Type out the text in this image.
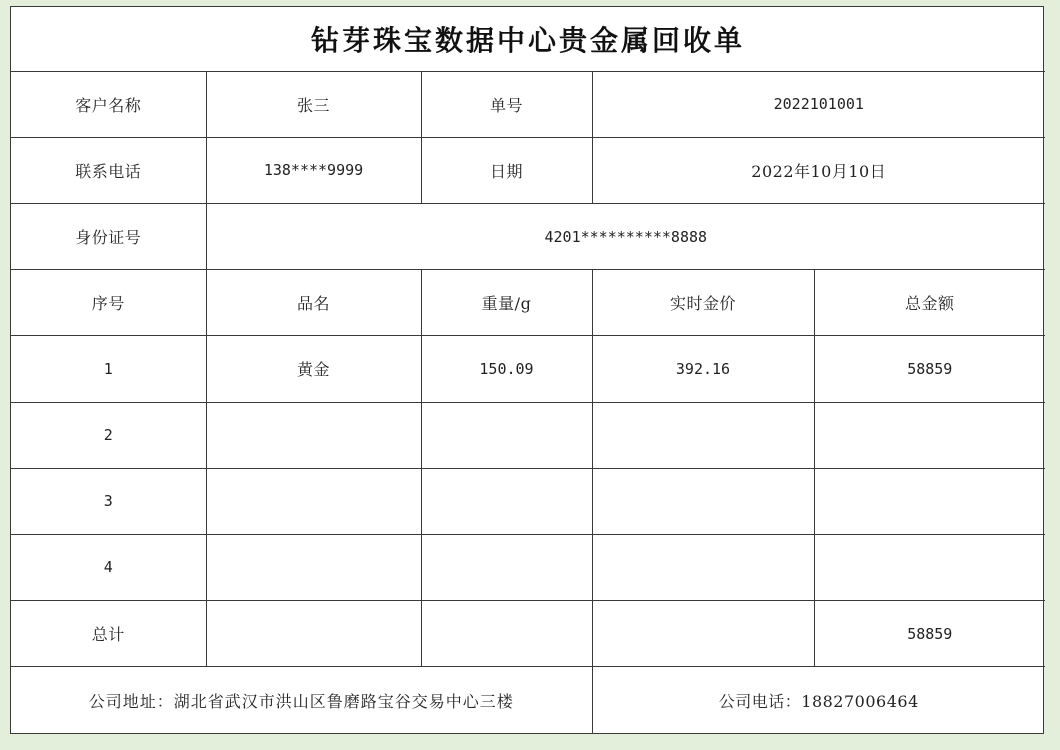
钻芽珠宝数据中心贵金属回收单				
客户名称	张三	单号	2022101001	
联系电话	138****9999	日期	2022年10月10日	
身份证号	4201**********8888			
序号	品名	重量/g	实时金价	总金额
1	黄金	150.09	392.16	58859
2				
3				
4				
总计				58859
公司地址：湖北省武汉市洪山区鲁磨路宝谷交易中心三楼			公司电话：18827006464	
